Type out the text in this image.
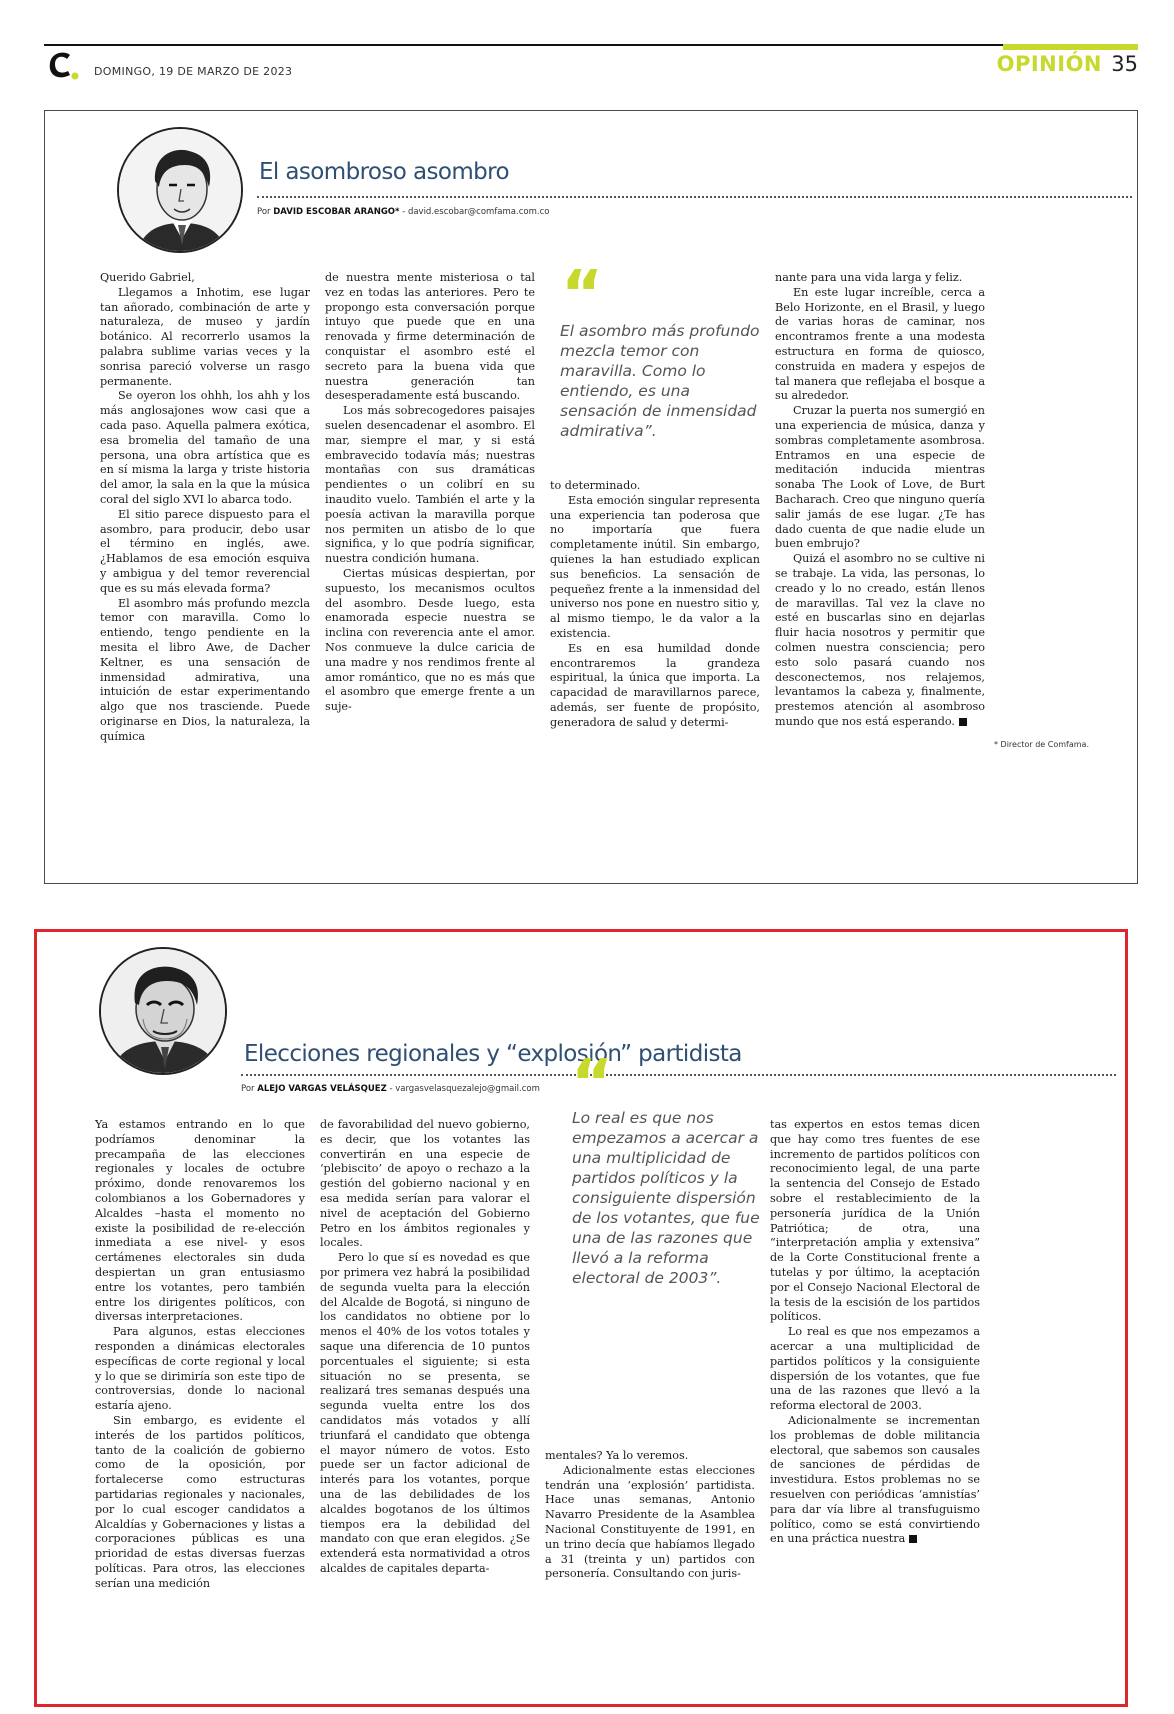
DOMINGO, 19 DE MARZO DE 2023	OPINIÓN 35
El asombroso asombro
Por DAVID ESCOBAR ARANGO* - david.escobar@comfama.com.co

Querido Gabriel,

Llegamos a Inhotim, ese lugar tan añorado, combinación de arte y naturaleza, de museo y jardín botánico. Al recorrerlo usamos la palabra sublime varias veces y la sonrisa pareció volverse un rasgo permanente.

Se oyeron los ohhh, los ahh y los más anglosajones wow casi que a cada paso. Aquella palmera exótica, esa bromelia del tamaño de una persona, una obra artística que es en sí misma la larga y triste historia del amor, la sala en la que la música coral del siglo XVI lo abarca todo.

El sitio parece dispuesto para el asombro, para producir, debo usar el término en inglés, awe. ¿Hablamos de esa emoción esquiva y ambigua y del temor reverencial que es su más elevada forma?

El asombro más profundo mezcla temor con maravilla. Como lo entiendo, tengo pendiente en la mesita el libro Awe, de Dacher Keltner, es una sensación de inmensidad admirativa, una intuición de estar experimentando algo que nos trasciende. Puede originarse en Dios, la naturaleza, la química

de nuestra mente misteriosa o tal vez en todas las anteriores. Pero te propongo esta conversación porque intuyo que puede que en una renovada y firme determinación de conquistar el asombro esté el secreto para la buena vida que nuestra generación tan desesperadamente está buscando.

Los más sobrecogedores paisajes suelen desencadenar el asombro. El mar, siempre el mar, y si está embravecido todavía más; nuestras montañas con sus dramáticas pendientes o un colibrí en su inaudito vuelo. También el arte y la poesía activan la maravilla porque nos permiten un atisbo de lo que significa, y lo que podría significar, nuestra condición humana.

Ciertas músicas despiertan, por supuesto, los mecanismos ocultos del asombro. Desde luego, esta enamorada especie nuestra se inclina con reverencia ante el amor. Nos conmueve la dulce caricia de una madre y nos rendimos frente al amor romántico, que no es más que el asombro que emerge frente a un suje-

“
El asombro más profundo mezcla temor con maravilla. Como lo entiendo, es una sensación de inmensidad admirativa”.

to determinado.

Esta emoción singular representa una experiencia tan poderosa que no importaría que fuera completamente inútil. Sin embargo, quienes la han estudiado explican sus beneficios. La sensación de pequeñez frente a la inmensidad del universo nos pone en nuestro sitio y, al mismo tiempo, le da valor a la existencia.

Es en esa humildad donde encontraremos la grandeza espiritual, la única que importa. La capacidad de maravillarnos parece, además, ser fuente de propósito, generadora de salud y determi-

nante para una vida larga y feliz.

En este lugar increíble, cerca a Belo Horizonte, en el Brasil, y luego de varias horas de caminar, nos encontramos frente a una modesta estructura en forma de quiosco, construida en madera y espejos de tal manera que reflejaba el bosque a su alrededor.

Cruzar la puerta nos sumergió en una experiencia de música, danza y sombras completamente asombrosa. Entramos en una especie de meditación inducida mientras sonaba The Look of Love, de Burt Bacharach. Creo que ninguno quería salir jamás de ese lugar. ¿Te has dado cuenta de que nadie elude un buen embrujo?

Quizá el asombro no se cultive ni se trabaje. La vida, las personas, lo creado y lo no creado, están llenos de maravillas. Tal vez la clave no esté en buscarlas sino en dejarlas fluir hacia nosotros y permitir que colmen nuestra consciencia; pero esto solo pasará cuando nos desconectemos, nos relajemos, levantamos la cabeza y, finalmente, prestemos atención al asombroso mundo que nos está esperando.

* Director de Comfama.
Elecciones regionales y “explosión” partidista
Por ALEJO VARGAS VELÁSQUEZ - vargasvelasquezalejo@gmail.com

Ya estamos entrando en lo que podríamos denominar la precampaña de las elecciones regionales y locales de octubre próximo, donde renovaremos los colombianos a los Gobernadores y Alcaldes –hasta el momento no existe la posibilidad de re-elección inmediata a ese nivel- y esos certámenes electorales sin duda despiertan un gran entusiasmo entre los votantes, pero también entre los dirigentes políticos, con diversas interpretaciones.

Para algunos, estas elecciones responden a dinámicas electorales específicas de corte regional y local y lo que se dirimiría son este tipo de controversias, donde lo nacional estaría ajeno.

Sin embargo, es evidente el interés de los partidos políticos, tanto de la coalición de gobierno como de la oposición, por fortalecerse como estructuras partidarias regionales y nacionales, por lo cual escoger candidatos a Alcaldías y Gobernaciones y listas a corporaciones públicas es una prioridad de estas diversas fuerzas políticas. Para otros, las elecciones serían una medición

de favorabilidad del nuevo gobierno, es decir, que los votantes las convertirán en una especie de ‘plebiscito’ de apoyo o rechazo a la gestión del gobierno nacional y en esa medida serían para valorar el nivel de aceptación del Gobierno Petro en los ámbitos regionales y locales.

Pero lo que sí es novedad es que por primera vez habrá la posibilidad de segunda vuelta para la elección del Alcalde de Bogotá, si ninguno de los candidatos no obtiene por lo menos el 40% de los votos totales y saque una diferencia de 10 puntos porcentuales el siguiente; si esta situación no se presenta, se realizará tres semanas después una segunda vuelta entre los dos candidatos más votados y allí triunfará el candidato que obtenga el mayor número de votos. Esto puede ser un factor adicional de interés para los votantes, porque una de las debilidades de los alcaldes bogotanos de los últimos tiempos era la debilidad del mandato con que eran elegidos. ¿Se extenderá esta normatividad a otros alcaldes de capitales departa-

“
Lo real es que nos empezamos a acercar a una multiplicidad de partidos políticos y la consiguiente dispersión de los votantes, que fue una de las razones que llevó a la reforma electoral de 2003”.

mentales? Ya lo veremos.

Adicionalmente estas elecciones tendrán una ‘explosión’ partidista. Hace unas semanas, Antonio Navarro Presidente de la Asamblea Nacional Constituyente de 1991, en un trino decía que habíamos llegado a 31 (treinta y un) partidos con personería. Consultando con juris-

tas expertos en estos temas dicen que hay como tres fuentes de ese incremento de partidos políticos con reconocimiento legal, de una parte la sentencia del Consejo de Estado sobre el restablecimiento de la personería jurídica de la Unión Patriótica; de otra, una “interpretación amplia y extensiva” de la Corte Constitucional frente a tutelas y por último, la aceptación por el Consejo Nacional Electoral de la tesis de la escisión de los partidos políticos.

Lo real es que nos empezamos a acercar a una multiplicidad de partidos políticos y la consiguiente dispersión de los votantes, que fue una de las razones que llevó a la reforma electoral de 2003.

Adicionalmente se incrementan los problemas de doble militancia electoral, que sabemos son causales de sanciones de pérdidas de investidura. Estos problemas no se resuelven con periódicas ‘amnistías’ para dar vía libre al transfuguismo político, como se está convirtiendo en una práctica nuestra
